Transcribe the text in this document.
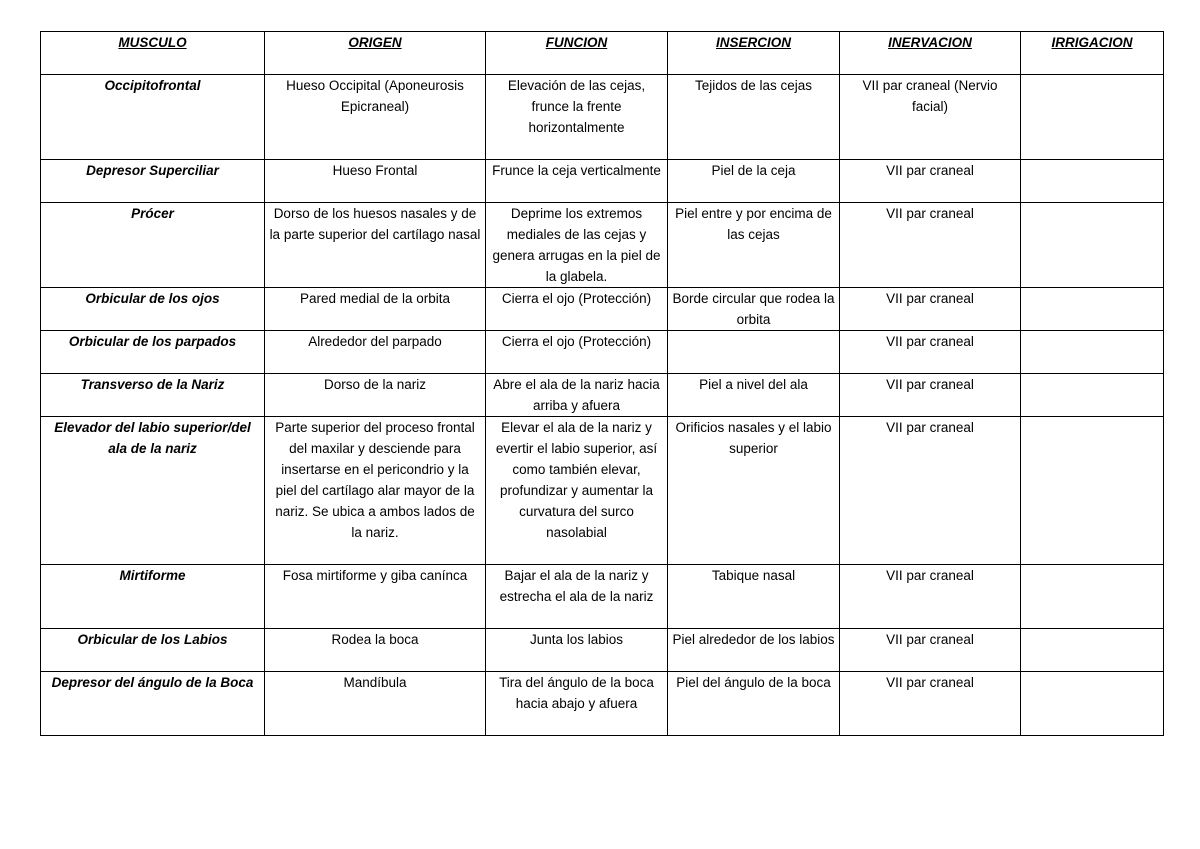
MUSCULO	ORIGEN	FUNCION	INSERCION	INERVACION	IRRIGACION
Occipitofrontal	Hueso Occipital (Aponeurosis Epicraneal)	Elevación de las cejas, frunce la frente horizontalmente	Tejidos de las cejas	VII par craneal (Nervio facial)	
Depresor Superciliar	Hueso Frontal	Frunce la ceja verticalmente	Piel de la ceja	VII par craneal	
Prócer	Dorso de los huesos nasales y de la parte superior del cartílago nasal	Deprime los extremos mediales de las cejas y genera arrugas en la piel de la glabela.	Piel entre y por encima de las cejas	VII par craneal	
Orbicular de los ojos	Pared medial de la orbita	Cierra el ojo (Protección)	Borde circular que rodea la orbita	VII par craneal	
Orbicular de los parpados	Alrededor del parpado	Cierra el ojo (Protección)		VII par craneal	
Transverso de la Nariz	Dorso de la nariz	Abre el ala de la nariz hacia arriba y afuera	Piel a nivel del ala	VII par craneal	
Elevador del labio superior/del ala de la nariz	Parte superior del proceso frontal del maxilar y desciende para insertarse en el pericondrio y la piel del cartílago alar mayor de la nariz. Se ubica a ambos lados de la nariz.	Elevar el ala de la nariz y evertir el labio superior, así como también elevar, profundizar y aumentar la curvatura del surco nasolabial	Orificios nasales y el labio superior	VII par craneal	
Mirtiforme	Fosa mirtiforme y giba canínca	Bajar el ala de la nariz y estrecha el ala de la nariz	Tabique nasal	VII par craneal	
Orbicular de los Labios	Rodea la boca	Junta los labios	Piel alrededor de los labios	VII par craneal	
Depresor del ángulo de la Boca	Mandíbula	Tira del ángulo de la boca hacia abajo y afuera	Piel del ángulo de la boca	VII par craneal	
